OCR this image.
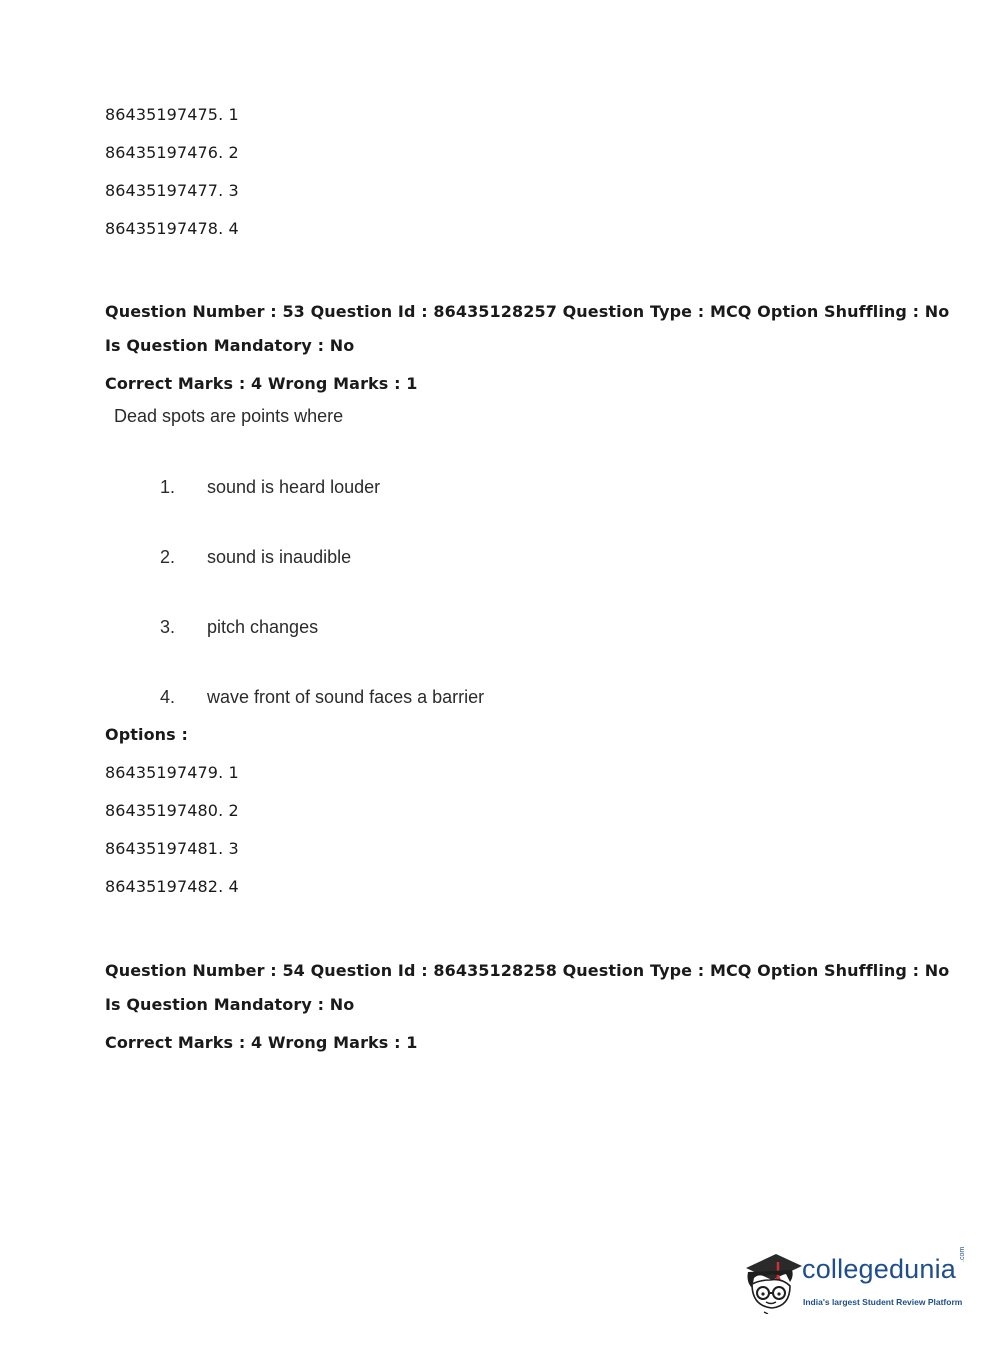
86435197475. 1
86435197476. 2
86435197477. 3
86435197478. 4
Question Number : 53 Question Id : 86435128257 Question Type : MCQ Option Shuffling : No
Is Question Mandatory : No
Correct Marks : 4 Wrong Marks : 1
Dead spots are points where
1. sound is heard louder
2. sound is inaudible
3. pitch changes
4. wave front of sound faces a barrier
Options :
86435197479. 1
86435197480. 2
86435197481. 3
86435197482. 4
Question Number : 54 Question Id : 86435128258 Question Type : MCQ Option Shuffling : No
Is Question Mandatory : No
Correct Marks : 4 Wrong Marks : 1
collegedunia .com
India's largest Student Review Platform
